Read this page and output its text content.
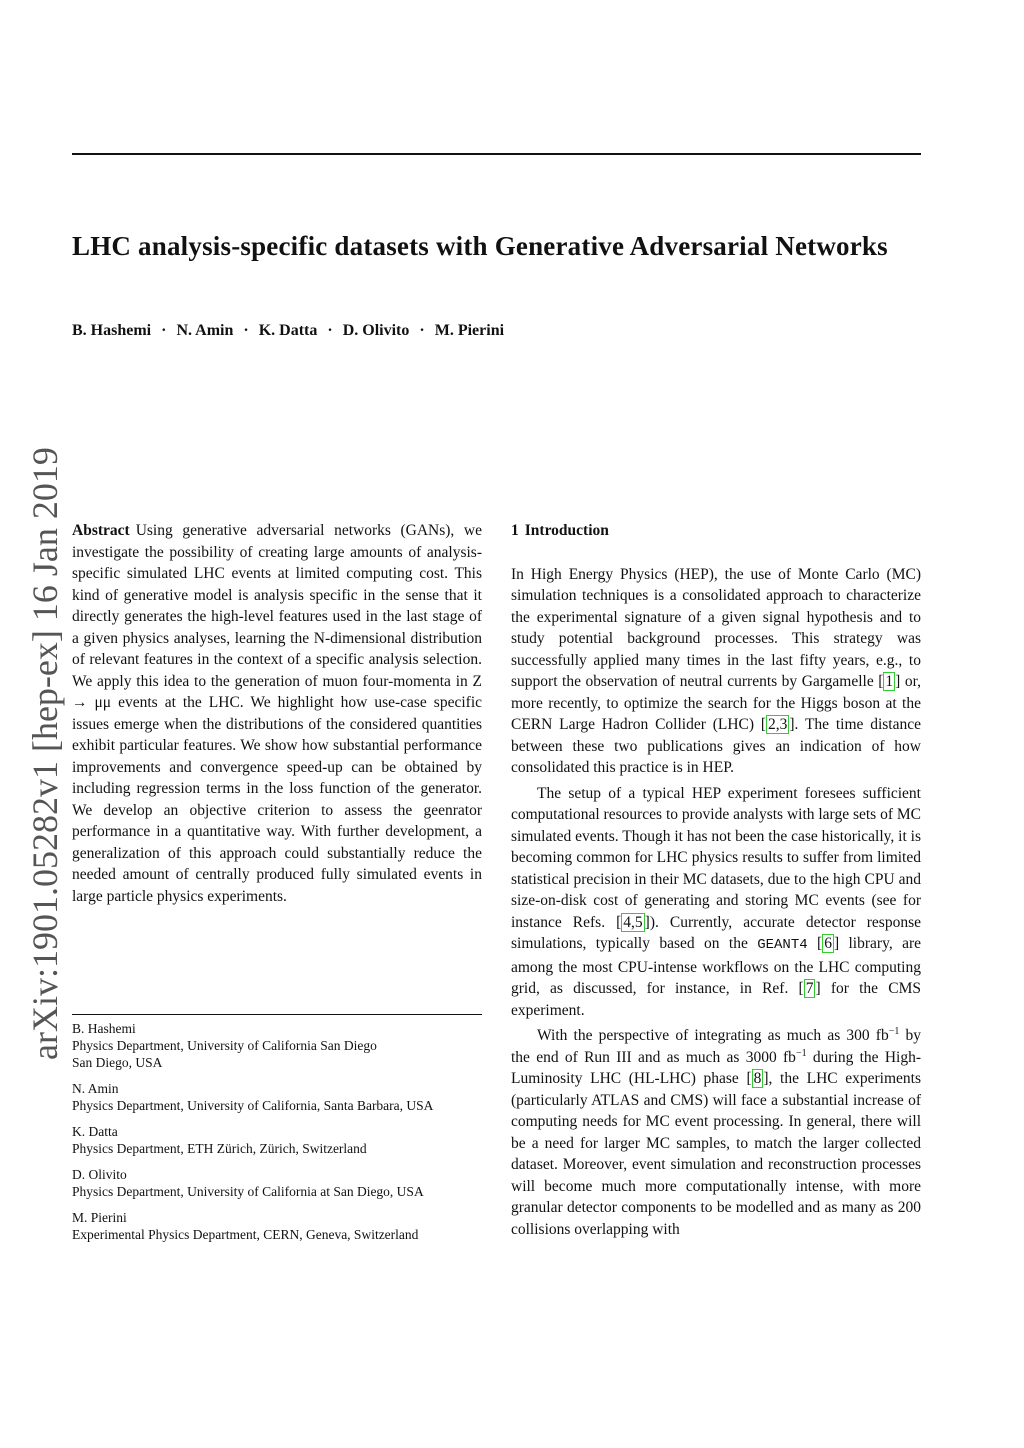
LHC analysis-specific datasets with Generative Adversarial Networks
B. Hashemi · N. Amin · K. Datta · D. Olivito · M. Pierini
arXiv:1901.05282v1 [hep-ex] 16 Jan 2019 Abstract Using generative adversarial networks (GANs), we investigate the possibility of creating large amounts of analysis-specific simulated LHC events at limited computing cost. This kind of generative model is analysis specific in the sense that it directly generates the high-level features used in the last stage of a given physics analyses, learning the N-dimensional distribution of relevant features in the context of a specific analysis selection. We apply this idea to the generation of muon four-momenta in Z → μμ events at the LHC. We highlight how use-case specific issues emerge when the distributions of the considered quantities exhibit particular features. We show how substantial performance improvements and convergence speed-up can be obtained by including regression terms in the loss function of the generator. We develop an objective criterion to assess the geenrator performance in a quantitative way. With further development, a generalization of this approach could substantially reduce the needed amount of centrally produced fully simulated events in large particle physics experiments.

B. Hashemi
Physics Department, University of California San Diego
San Diego, USA
N. Amin
Physics Department, University of California, Santa Barbara, USA
K. Datta
Physics Department, ETH Zürich, Zürich, Switzerland
D. Olivito
Physics Department, University of California at San Diego, USA
M. Pierini
Experimental Physics Department, CERN, Geneva, Switzerland
1 Introduction

In High Energy Physics (HEP), the use of Monte Carlo (MC) simulation techniques is a consolidated approach to characterize the experimental signature of a given signal hypothesis and to study potential background processes. This strategy was successfully applied many times in the last fifty years, e.g., to support the observation of neutral currents by Gargamelle [ 1 ] or, more recently, to optimize the search for the Higgs boson at the CERN Large Hadron Collider (LHC) [ 2,3 ]. The time distance between these two publications gives an indication of how consolidated this practice is in HEP.

The setup of a typical HEP experiment foresees sufficient computational resources to provide analysts with large sets of MC simulated events. Though it has not been the case historically, it is becoming common for LHC physics results to suffer from limited statistical precision in their MC datasets, due to the high CPU and size-on-disk cost of generating and storing MC events (see for instance Refs. [ 4,5 ]). Currently, accurate detector response simulations, typically based on the GEANT4 [ 6 ] library, are among the most CPU-intense workflows on the LHC computing grid, as discussed, for instance, in Ref. [ 7 ] for the CMS experiment.

With the perspective of integrating as much as 300 $fb^{-1}$ by the end of Run III and as much as 3000 $fb^{-1}$ during the High-Luminosity LHC (HL-LHC) phase [ 8 ], the LHC experiments (particularly ATLAS and CMS) will face a substantial increase of computing needs for MC event processing. In general, there will be a need for larger MC samples, to match the larger collected dataset. Moreover, event simulation and reconstruction processes will become much more computationally intense, with more granular detector components to be modelled and as many as 200 collisions overlapping with
